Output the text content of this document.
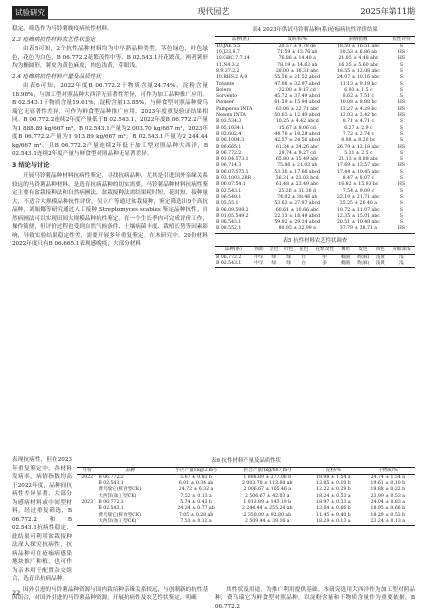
试验研究	现代园艺	2025年第11期
稳定，筛选作为马铃薯晚疫病抗性材料。
2.3 疮痂病抗性材料农艺性状鉴定
由表5可知，2个抗性品种材料均为中早熟品种类型，茎色绿色，叶色绿色，花色为白色，B 06.772.2花繁茂性中等，B 02.543.1开花繁茂。两者薯形均为椭圆形，薯皮为黄色麻皮，肉色浅黄，芽眼浅。
2.4 疮痂病抗性材料产量及品质性状
由表6可知，2022年度B 06.772.2干物质含量24.74%，淀粉含量18.98%，与加工型对照品种大西洋无显著性差异，可作为加工品种推广应用。B 02.543.1干物质含量19.61%，淀粉含量13.85%，与鲜食型对照品种费乌瑞它无显著性差异，可作为鲜食型品种推广应用。2023年度重复验证结果相同。B 06.772.2连续2年度产量低于B 02.543.1，2022年度B 06.772.2产量为1 888.89 kg/667 m²，B 02.543.1产量为2 003.70 kg/667 m²，2023年度B 06.772.2产量为1 913.89 kg/667 m²，B 02.543.1产量为2 244.44 kg/667 m²，且B 06.772.2产量连续2年低于加工型对照品种大西洋，B 02.543.1连续2年度产量与鲜食型对照品种无显著差异。
3 结论与讨论
开展马铃薯品种材料抗病性鉴定，寻找抗病品种，尤其是引进国外亲缘关系较远的马铃薯品种材料，是选育抗病品种的切实需要。马铃薯品种材料抗病性鉴定主要有盆栽接种法和自然病圃法，盆栽接种法需结果耗时短、花时短、接种量大，不适合大规模品种抗性评价。吴立广等通过盆栽接种，鉴定筛选出9个高抗品种，刘振娜等研究通过人工接种 Streptomyces scabies 鉴定品种抗性。自然病圃法可以实现田间大规模品种抗性鉴定。在一个生长季内可完成评价工作，操作简便，但评价过程也受到自然气候条件、土壤病菌丰度、栽植长势等因素影响，导致实验结果稳定性差，需要开展多年重复鉴定。在本研究中，29份材料2022年度只有B 06.665.1表现感晚疫，大部分材料
表4 2023年供试马铃薯品种(系)疮痂病抗性评价结果
品种(系)	发病率/%	病情指数	抗性评价
10.JAE 5.5	20.57 ± 9.78 de	18.50 ± 16.51 abc	S
10.J33.8.7	71.59 ± 13.76 ab	30.53 ± 6.86 ab	HS
10.GBC.7.7.14	76.86 ± 14.40 a	21.05 ± 4.48 abc	HS
11.N4.3.2	78.19 ± 14.63 ab	16.35 ± 5.60 abc	S
8.9.37.2.2	28.00 ± 16.31 abc	18.55 ± 12.08 abc	S
10.RHS.2 A.9	55.56 ± 21.52 abcd	24.07 ± 10.16 abc	S
Tréante	47.08 ± 32.97 abcd	11.13 ± 9.19 bc	S
Bolero	32.00 ± 9.17 cd	6.93 ± 1.5 c	S
Sorvento	45.72 ± 37.49 abcd	8.62 ± 7.51 c	S
Pioneer	61.59 ± 15.94 abcd	10.08 ± 8.88 bc	HS
Pampersa INTA	63.06 ± 22.71 abc	13.27 ± 4.29 bc	HS
Newen INTA	50.63 ± 12.49 abcd	12.03 ± 3.42 bc	HS
B 03.534.3	10.25 ± 4.42 abcd	8.71 ± 4.71 c	S
B 05.1034.1	15.67 ± 8.06 cd	6.27 ± 2.9 c	S
B 03.602.4	44.78 ± 18.28 abcd	7.72 ± 2.74 c	S
B 06.1004.3	42.57 ± 24.56 abcd	8.98 ± 8.20 bc	S
B 06.665.1	61.34 ± 34.26 abc	26.79 ± 12.18 abc	HS
B 06.772.2	29.74 ± 9.27 cd	5.11 ± 2.5 c	S
B 01.04.573.1	65.80 ± 15.49 abc	21.13 ± 8.88 abc	S
B 06.714.3	75.86 ± 21.03 ab	17.69 ± 13.57 abc	HS
B 06.07.575.1	53.36 ± 17.66 abcd	17.44 ± 10.45 abc	S
B 03.1003.2RR	36.31 ± 23.03 bcd	8.47 ± 8.07 c	S
B 06.07.54.1	61.48 ± 23.49 abc	16.82 ± 15.93 bc	HS
B 02.543.1	25.26 ± 31.30 d	7.54 ± 9.09 c	S
B 06.549.1	74.02 ± 38.46 ab	22.19 ± 21.71 abc	S
B 05.55.1	53.63 ± 27.97 abcd	35.25 ± 26.40 a	S
B 06.09.509.2	60.61 ± 10.66 abc	19.72 ± 11.07 abc	S
B 01.05.549.2	22.13 ± 18.49 abcd	12.35 ± 15.01 abc	S
B 06.543.1	59.92 ± 29.24 abcd	20.51 ± 10.48 abc	S
B 08.552.1	80.95 ± 32.99 a	37.79 ± 38.71 a	HS
表5 抗性材料农艺性状调查
品种(系)	熟期	茎色	叶色	花色	花繁茂性	薯形	皮色	肉色	芽眼深浅
B 06.772.2	中早	绿	绿	白	中	椭圆	黄(麻)	浅黄	浅
B 02.543.1	中早	绿	绿	白	多	椭圆	黄(麻)	浅黄	浅
表现抗病性，但在2023年重复鉴定中，各材料发病率、病情指数均高于2022年度，品种间抗病性差异显著，大部分为感病材料或中间型材料，经过重复筛选，B 06.772.2和B 02.543.1抗病性稳定，此结果可利用盆栽接种法深入探究抗病性，抗病品种可在疮痂病感染地块推广种植，也可作为亲本用于配置杂交组合，选育出抗病品种。
表6 抗性材料产量及品质性状
年份	品种	小区产量/(kg/2 m²)	折合产量/(kg/667 m²)	淀粉/%	干物质/%
2022	B 06.772.2	5.67 ± 0.83 b	1 888.89 ± 277.06 b	18.98 ± 1.54 a	24.74 ± 1.54 a
	B 02.543.1	6.01 ± 0.34 ab	2 003.70 ± 113.68 ab	13.85 ± 0.10 b	19.61 ± 0.10 b
	费乌瑞它(鲜食型CK)	24.72 ± 0.32 a	2 006.67 ± 105.46 a	12.22 ± 0.29 b	19.88 ± 0.22 b
	大西洋(加工型CK)	7.52 ± 0.13 a	2 506.67 ± 42.03 a	18.24 ± 0.53 a	23.99 ± 0.53 a
2023	B 06.772.2	5.74 ± 0.43 b	1 913.89 ± 143.19 b	18.97 ± 0.33 a	24.04 ± 0.83 a
	B 02.543.1	24.34 ± 0.77 ab	2 244.44 ± 255.24 ab	13.04 ± 0.66 b	18.95 ± 0.66 b
	费乌瑞它(鲜食型CK)	7.05 ± 0.28 ab	2 350.00 ± 92.80 ab	11.45 ± 0.40 b	18.29 ± 0.52 b
	大西洋(加工型CK)	7.53 ± 0.12 a	2 509.44 ± 39.16 a	18.29 ± 0.13 a	23.24 ± 0.13 a
国外引进的马铃薯品种资源与国内栽培种亲缘关系较远，与创制新的抗性基因组合，对国外引进的马铃薯品种资源，开展抗病性及农艺性状鉴定，明确
其性状及用途，为推广利用提供基础。本研究选用大西洋作为加工型对照品种，费乌瑞它为鲜食型对照品种，以淀粉含量和干物质含量作为重要依据，B 06.772.2
22
